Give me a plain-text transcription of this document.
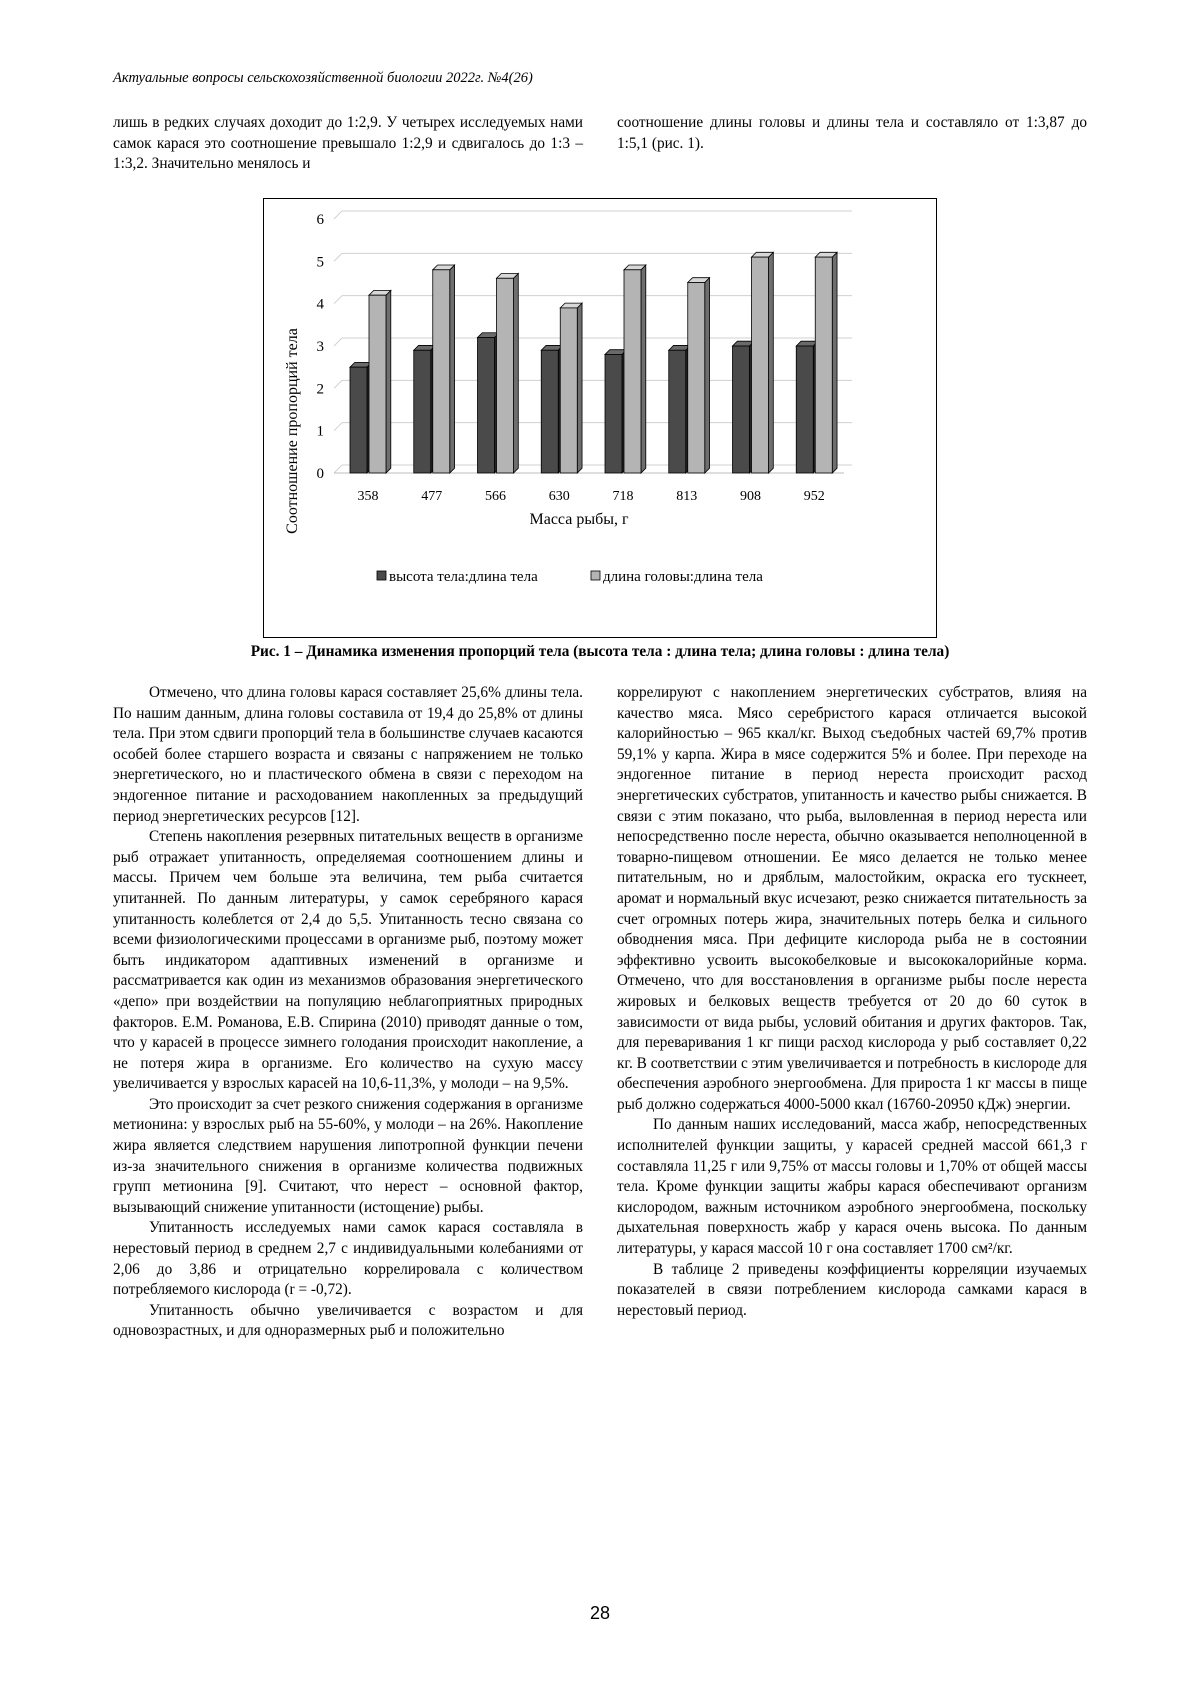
Актуальные вопросы сельскохозяйственной биологии 2022г. №4(26)

лишь в редких случаях доходит до 1:2,9. У четырех исследуемых нами самок карася это соотношение превышало 1:2,9 и сдвигалось до 1:3 – 1:3,2. Значительно менялось и

соотношение длины головы и длины тела и составляло от 1:3,87 до 1:5,1 (рис. 1).

0
1
2
3
4
5
6
358	477	566	630	718	813	908	952
Соотношение пропорций тела	Масса рыбы, г
высота тела:длина тела	длина головы:длина тела
Рис. 1 – Динамика изменения пропорций тела (высота тела : длина тела; длина головы : длина тела)

Отмечено, что длина головы карася составляет 25,6% длины тела. По нашим данным, длина головы составила от 19,4 до 25,8% от длины тела. При этом сдвиги пропорций тела в большинстве случаев касаются особей более старшего возраста и связаны с напряжением не только энергетического, но и пластического обмена в связи с переходом на эндогенное питание и расходованием накопленных за предыдущий период энергетических ресурсов [12].

Степень накопления резервных питательных веществ в организме рыб отражает упитанность, определяемая соотношением длины и массы. Причем чем больше эта величина, тем рыба считается упитанней. По данным литературы, у самок серебряного карася упитанность колеблется от 2,4 до 5,5. Упитанность тесно связана со всеми физиологическими процессами в организме рыб, поэтому может быть индикатором адаптивных изменений в организме и рассматривается как один из механизмов образования энергетического «депо» при воздействии на популяцию неблагоприятных природных факторов. Е.М. Романова, Е.В. Спирина (2010) приводят данные о том, что у карасей в процессе зимнего голодания происходит накопление, а не потеря жира в организме. Его количество на сухую массу увеличивается у взрослых карасей на 10,6-11,3%, у молоди – на 9,5%.

Это происходит за счет резкого снижения содержания в организме метионина: у взрослых рыб на 55-60%, у молоди – на 26%. Накопление жира является следствием нарушения липотропной функции печени из-за значительного снижения в организме количества подвижных групп метионина [9]. Считают, что нерест – основной фактор, вызывающий снижение упитанности (истощение) рыбы.

Упитанность исследуемых нами самок карася составляла в нерестовый период в среднем 2,7 с индивидуальными колебаниями от 2,06 до 3,86 и отрицательно коррелировала с количеством потребляемого кислорода (r = -0,72).

Упитанность обычно увеличивается с возрастом и для одновозрастных, и для одноразмерных рыб и положительно

коррелируют с накоплением энергетических субстратов, влияя на качество мяса. Мясо серебристого карася отличается высокой калорийностью – 965 ккал/кг. Выход съедобных частей 69,7% против 59,1% у карпа. Жира в мясе содержится 5% и более. При переходе на эндогенное питание в период нереста происходит расход энергетических субстратов, упитанность и качество рыбы снижается. В связи с этим показано, что рыба, выловленная в период нереста или непосредственно после нереста, обычно оказывается неполноценной в товарно-пищевом отношении. Ее мясо делается не только менее питательным, но и дряблым, малостойким, окраска его тускнеет, аромат и нормальный вкус исчезают, резко снижается питательность за счет огромных потерь жира, значительных потерь белка и сильного обводнения мяса. При дефиците кислорода рыба не в состоянии эффективно усвоить высокобелковые и высококалорийные корма. Отмечено, что для восстановления в организме рыбы после нереста жировых и белковых веществ требуется от 20 до 60 суток в зависимости от вида рыбы, условий обитания и других факторов. Так, для переваривания 1 кг пищи расход кислорода у рыб составляет 0,22 кг. В соответствии с этим увеличивается и потребность в кислороде для обеспечения аэробного энергообмена. Для прироста 1 кг массы в пище рыб должно содержаться 4000-5000 ккал (16760-20950 кДж) энергии.

По данным наших исследований, масса жабр, непосредственных исполнителей функции защиты, у карасей средней массой 661,3 г составляла 11,25 г или 9,75% от массы головы и 1,70% от общей массы тела. Кроме функции защиты жабры карася обеспечивают организм кислородом, важным источником аэробного энергообмена, поскольку дыхательная поверхность жабр у карася очень высока. По данным литературы, у карася массой 10 г она составляет 1700 см²/кг.

В таблице 2 приведены коэффициенты корреляции изучаемых показателей в связи потреблением кислорода самками карася в нерестовый период.

28
